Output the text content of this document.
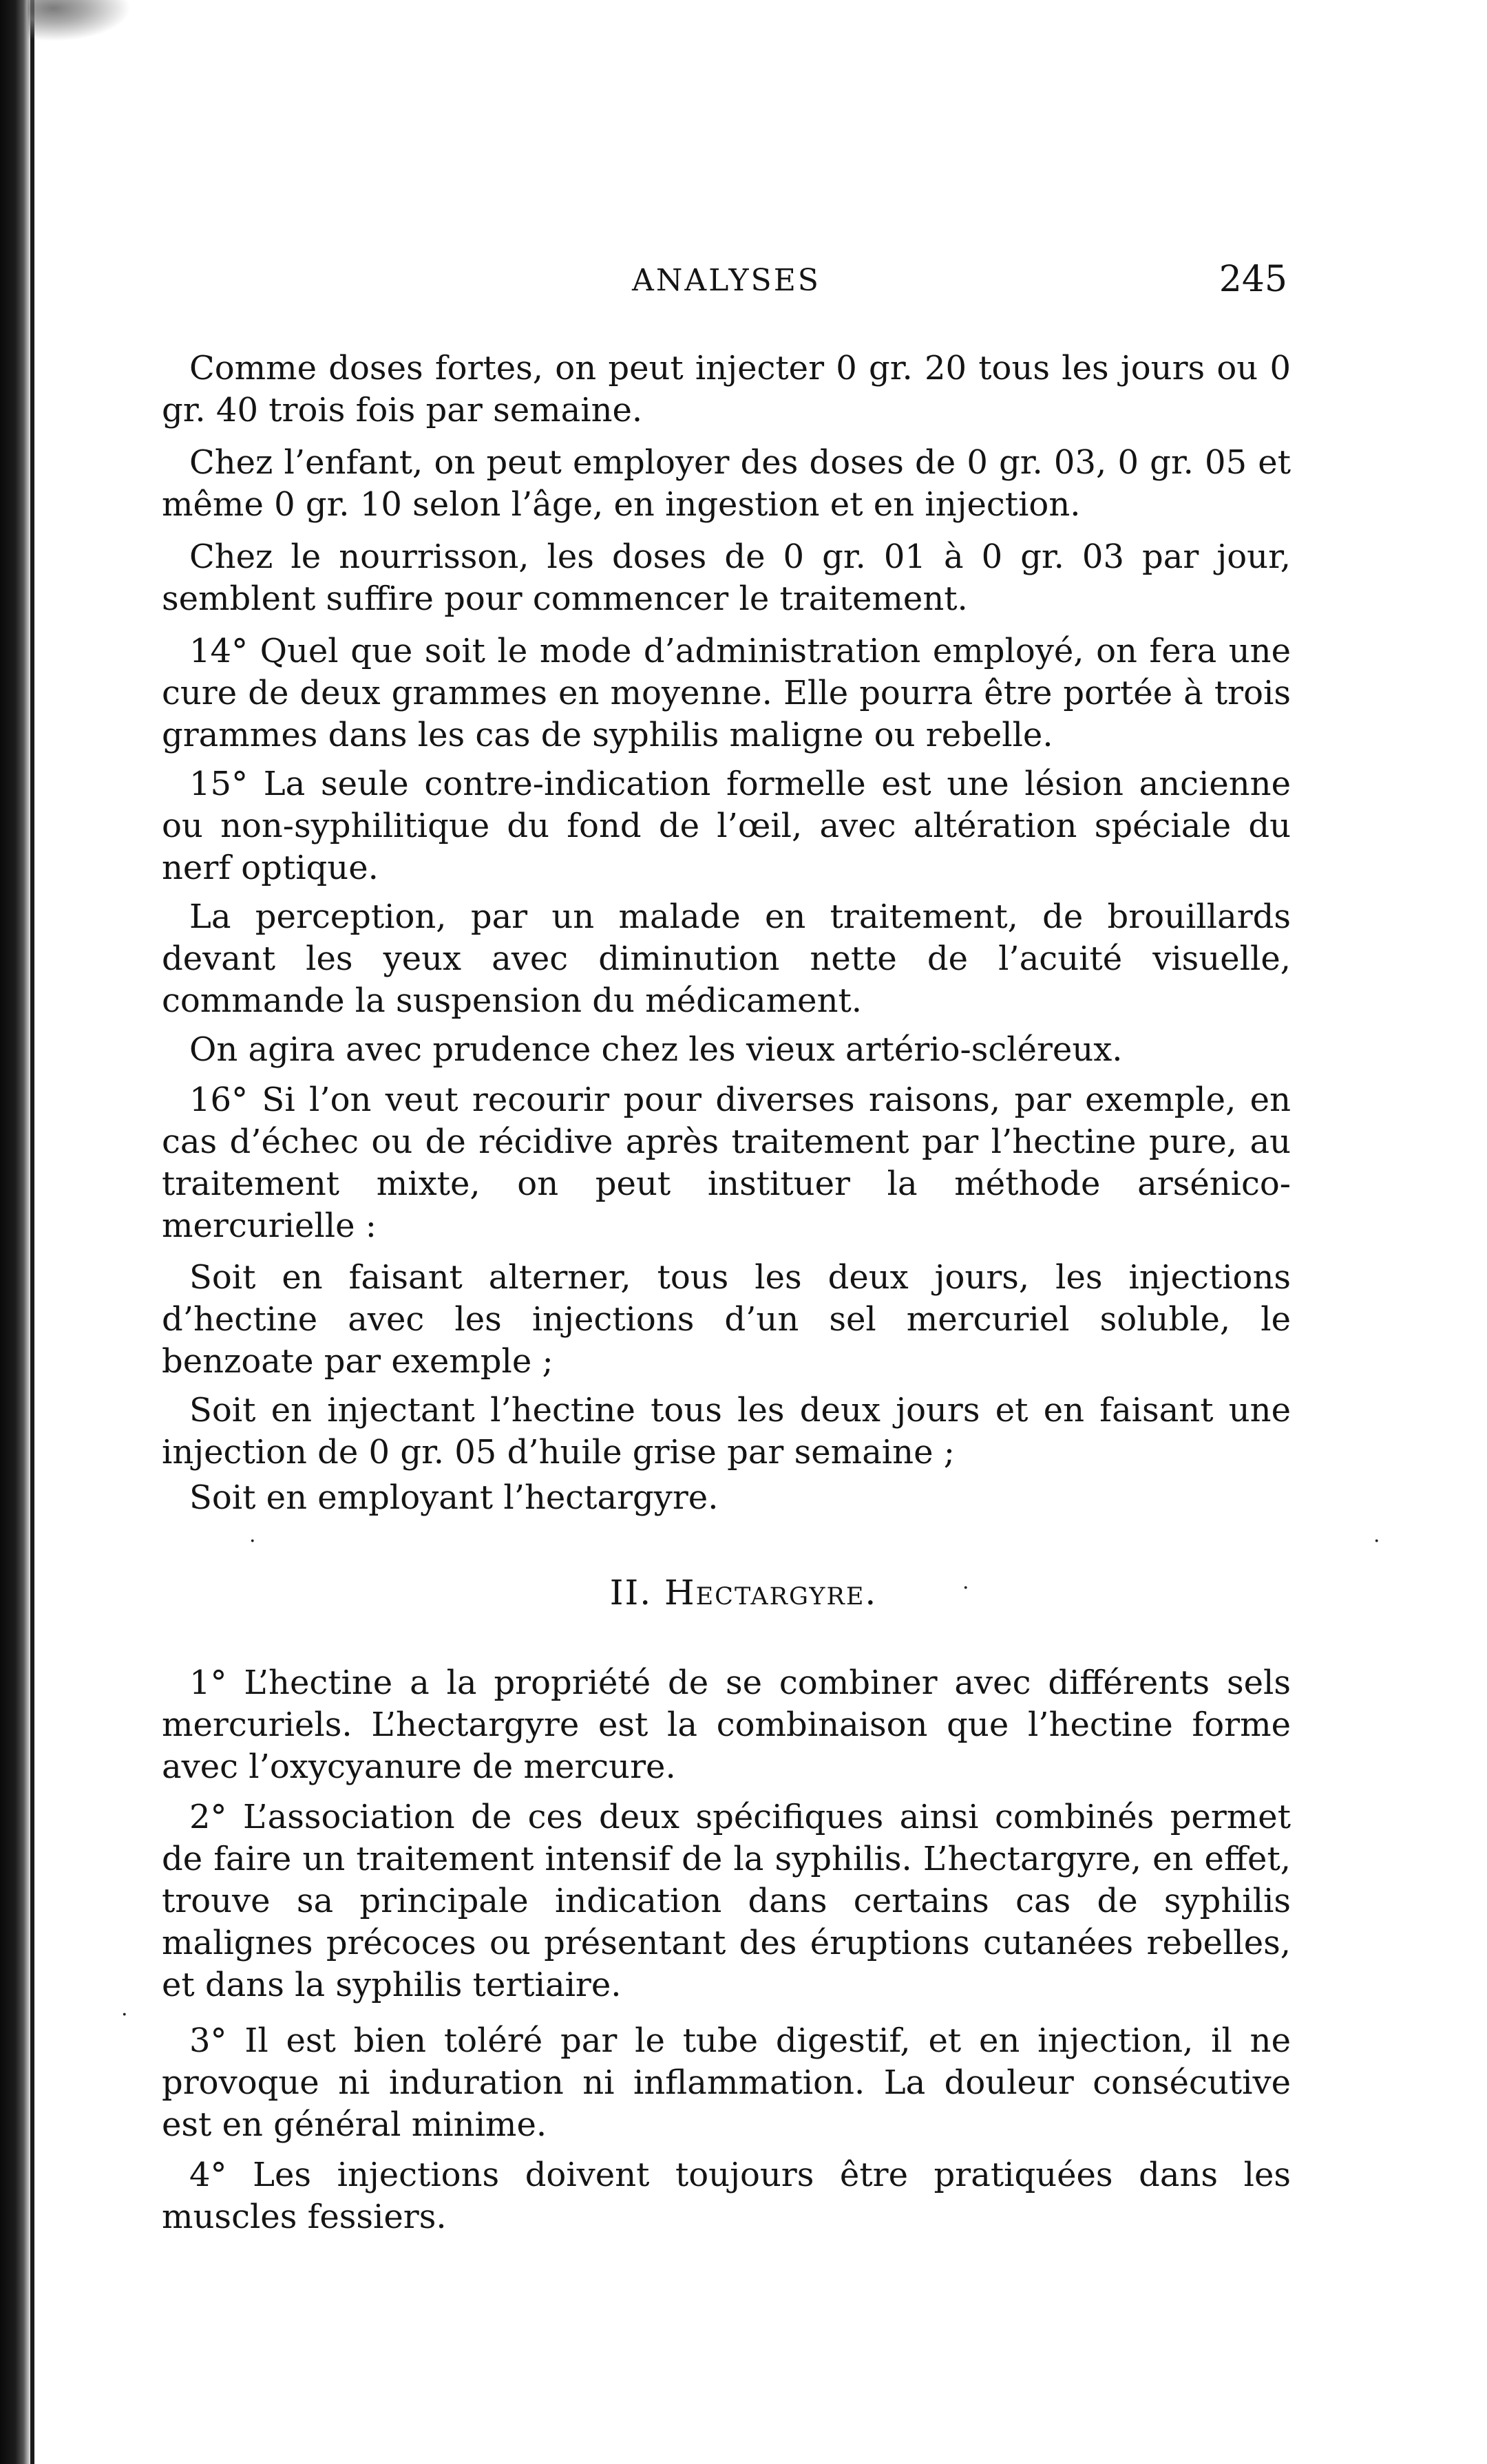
ANALYSES	245

Comme doses fortes, on peut injecter 0 gr. 20 tous les jours ou 0 gr. 40 trois fois par semaine.

Chez l’enfant, on peut employer des doses de 0 gr. 03, 0 gr. 05 et même 0 gr. 10 selon l’âge, en ingestion et en injection.

Chez le nourrisson, les doses de 0 gr. 01 à 0 gr. 03 par jour, semblent suffire pour commencer le traitement.

14° Quel que soit le mode d’administration employé, on fera une cure de deux grammes en moyenne. Elle pourra être portée à trois grammes dans les cas de syphilis maligne ou rebelle.

15° La seule contre-indication formelle est une lésion ancienne ou non-syphilitique du fond de l’œil, avec altération spéciale du nerf optique.

La perception, par un malade en traitement, de brouillards devant les yeux avec diminution nette de l’acuité visuelle, commande la suspension du médicament.

On agira avec prudence chez les vieux artério-scléreux.

16° Si l’on veut recourir pour diverses raisons, par exemple, en cas d’échec ou de récidive après traitement par l’hectine pure, au traitement mixte, on peut instituer la méthode arsénico-mercurielle :

Soit en faisant alterner, tous les deux jours, les injections d’hectine avec les injections d’un sel mercuriel soluble, le benzoate par exemple ;

Soit en injectant l’hectine tous les deux jours et en faisant une injection de 0 gr. 05 d’huile grise par semaine ;

Soit en employant l’hectargyre.

II. Hectargyre.

1° L’hectine a la propriété de se combiner avec différents sels mercuriels. L’hectargyre est la combinaison que l’hectine forme avec l’oxycyanure de mercure.

2° L’association de ces deux spécifiques ainsi combinés permet de faire un traitement intensif de la syphilis. L’hectargyre, en effet, trouve sa principale indication dans certains cas de syphilis malignes précoces ou présentant des éruptions cutanées rebelles, et dans la syphilis tertiaire.

3° Il est bien toléré par le tube digestif, et en injection, il ne provoque ni induration ni inflammation. La douleur consécutive est en général minime.

4° Les injections doivent toujours être pratiquées dans les muscles fessiers.

·	·
·
·
